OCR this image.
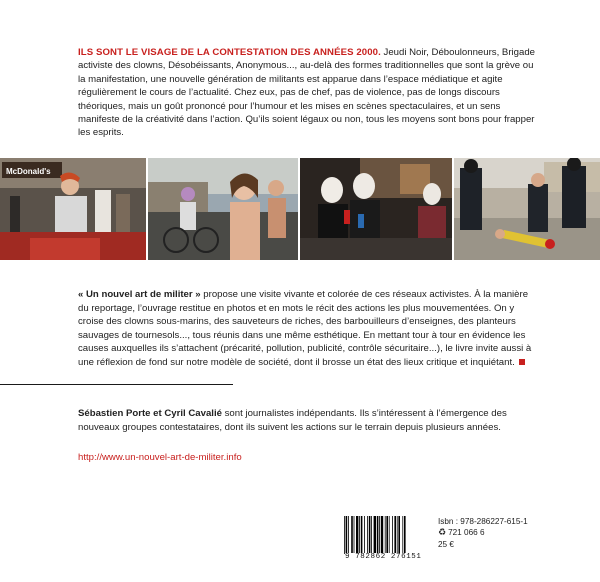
ILS SONT LE VISAGE DE LA CONTESTATION DES ANNÉES 2000. Jeudi Noir, Déboulonneurs, Brigade activiste des clowns, Désobéissants, Anonymous..., au-delà des formes traditionnelles que sont la grève ou la manifestation, une nouvelle génération de militants est apparue dans l’espace médiatique et agite régulièrement le cours de l’actualité. Chez eux, pas de chef, pas de violence, pas de longs discours théoriques, mais un goût prononcé pour l’humour et les mises en scènes spectaculaires, et un sens manifeste de la créativité dans l’action. Qu’ils soient légaux ou non, tous les moyens sont bons pour frapper les esprits.

McDonald's

« Un nouvel art de militer » propose une visite vivante et colorée de ces réseaux activistes. À la manière du reportage, l’ouvrage restitue en photos et en mots le récit des actions les plus mouvementées. On y croise des clowns sous-marins, des sauveteurs de riches, des barbouilleurs d’enseignes, des planteurs sauvages de tournesols..., tous réunis dans une même esthétique. En mettant tour à tour en évidence les causes auxquelles ils s’attachent (précarité, pollution, publicité, contrôle sécuritaire...), le livre invite aussi à une réflexion de fond sur notre modèle de société, dont il brosse un état des lieux critique et inquiétant.

Sébastien Porte et Cyril Cavalié sont journalistes indépendants. Ils s’intéressent à l’émergence des nouveaux groupes contestataires, dont ils suivent les actions sur le terrain depuis plusieurs années.

http://www.un-nouvel-art-de-militer.info
9 782862 276151
Isbn : 978-286227-615-1
♻ 721 066 6
25 €
